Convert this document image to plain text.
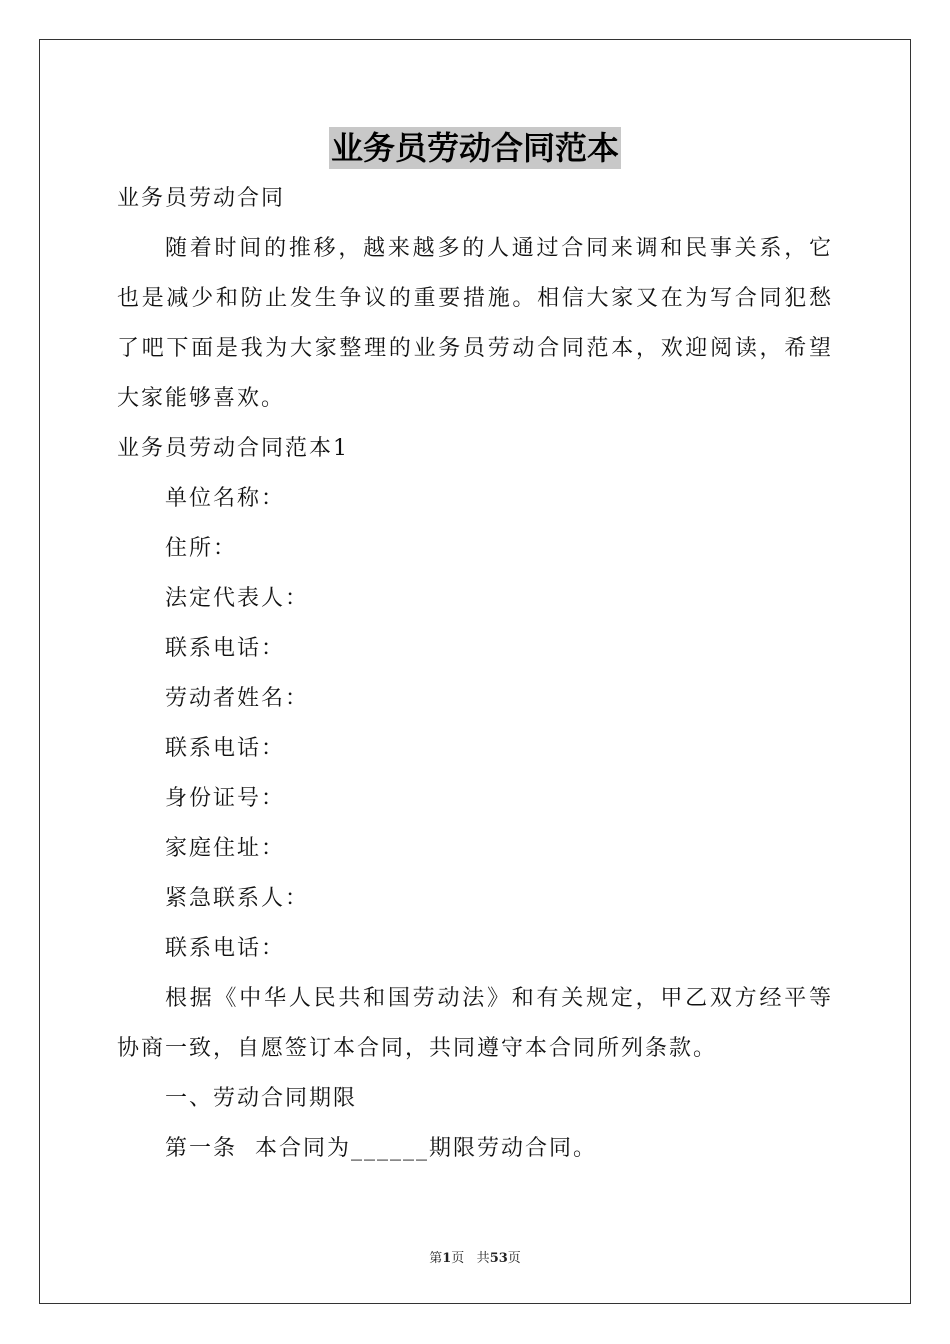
业务员劳动合同范本

业务员劳动合同

随着时间的推移，越来越多的人通过合同来调和民事关系，它也是减少和防止发生争议的重要措施。相信大家又在为写合同犯愁了吧下面是我为大家整理的业务员劳动合同范本，欢迎阅读，希望大家能够喜欢。

业务员劳动合同范本1

单位名称：

住所：

法定代表人：

联系电话：

劳动者姓名：

联系电话：

身份证号：

家庭住址：

紧急联系人：

联系电话：

根据《中华人民共和国劳动法》和有关规定，甲乙双方经平等协商一致，自愿签订本合同，共同遵守本合同所列条款。

一、劳动合同期限

第一条  本合同为______期限劳动合同。

第1页 共53页
